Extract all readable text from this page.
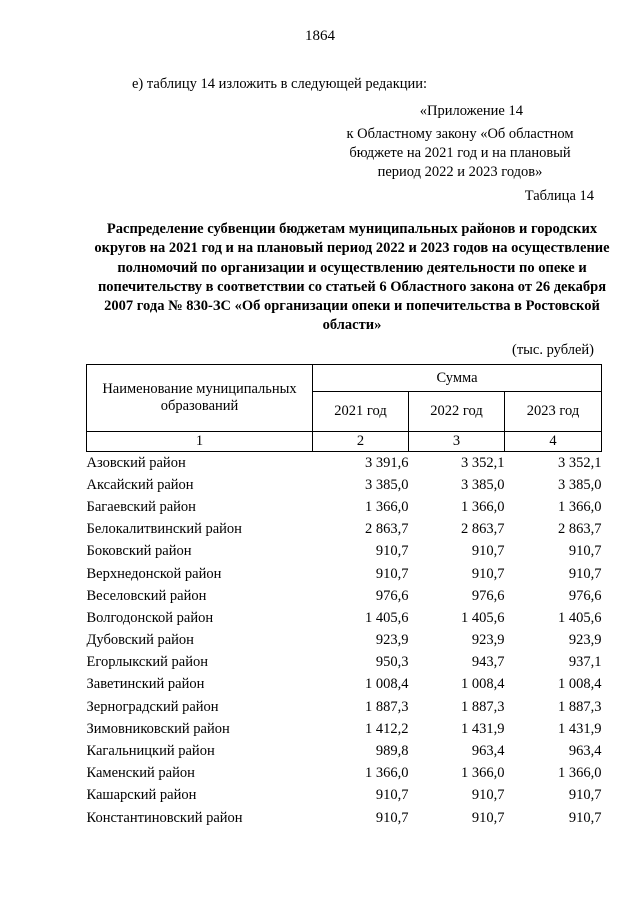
1864
е) таблицу 14 изложить в следующей редакции:
«Приложение 14
к Областному закону «Об областном бюджете на 2021 год и на плановый период 2022 и 2023 годов»
Таблица 14
Распределение субвенции бюджетам муниципальных районов и городских округов на 2021 год и на плановый период 2022 и 2023 годов на осуществление полномочий по организации и осуществлению деятельности по опеке и попечительству в соответствии со статьей 6 Областного закона от 26 декабря 2007 года № 830-ЗС «Об организации опеки и попечительства в Ростовской области»
(тыс. рублей)
Наименование муниципальных образований	Сумма		
	2021 год	2022 год	2023 год
1	2	3	4
Азовский район	3 391,6	3 352,1	3 352,1
Аксайский район	3 385,0	3 385,0	3 385,0
Багаевский район	1 366,0	1 366,0	1 366,0
Белокалитвинский район	2 863,7	2 863,7	2 863,7
Боковский район	910,7	910,7	910,7
Верхнедонской район	910,7	910,7	910,7
Веселовский район	976,6	976,6	976,6
Волгодонской район	1 405,6	1 405,6	1 405,6
Дубовский район	923,9	923,9	923,9
Егорлыкский район	950,3	943,7	937,1
Заветинский район	1 008,4	1 008,4	1 008,4
Зерноградский район	1 887,3	1 887,3	1 887,3
Зимовниковский район	1 412,2	1 431,9	1 431,9
Кагальницкий район	989,8	963,4	963,4
Каменский район	1 366,0	1 366,0	1 366,0
Кашарский район	910,7	910,7	910,7
Константиновский район	910,7	910,7	910,7
